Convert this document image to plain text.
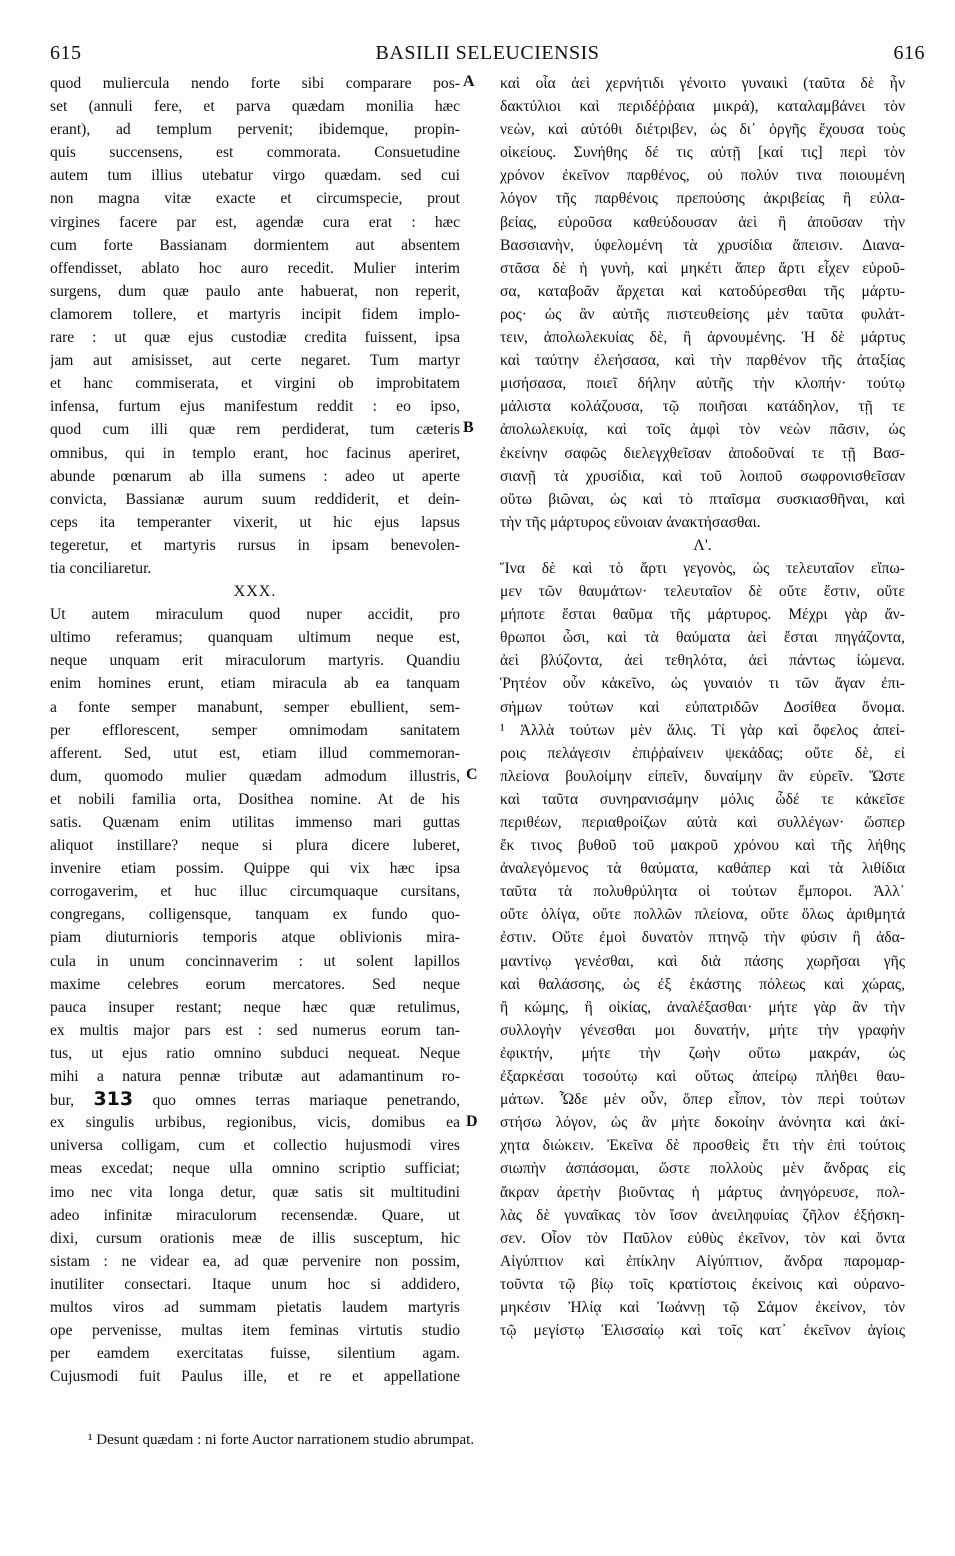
615	BASILII SELEUCIENSIS	616
quod muliercula nendo forte sibi comparare pos-
set (annuli fere, et parva quædam monilia hæc
erant), ad templum pervenit; ibidemque, propin-
quis succensens, est commorata. Consuetudine
autem tum illius utebatur virgo quædam. sed cui
non magna vitæ exacte et circumspecie, prout
virgines facere par est, agendæ cura erat : hæc
cum forte Bassianam dormientem aut absentem
offendisset, ablato hoc auro recedit. Mulier interim
surgens, dum quæ paulo ante habuerat, non reperit,
clamorem tollere, et martyris incipit fidem implo-
rare : ut quæ ejus custodiæ credita fuissent, ipsa
jam aut amisisset, aut certe negaret. Tum martyr
et hanc commiserata, et virgini ob improbitatem
infensa, furtum ejus manifestum reddit : eo ipso,
quod cum illi quæ rem perdiderat, tum cæteris
omnibus, qui in templo erant, hoc facinus aperiret,
abunde pœnarum ab illa sumens : adeo ut aperte
convicta, Bassianæ aurum suum reddiderit, et dein-
ceps ita temperanter vixerit, ut hic ejus lapsus
tegeretur, et martyris rursus in ipsam benevolen-
tia conciliaretur.
XXX.
Ut autem miraculum quod nuper accidit, pro
ultimo referamus; quanquam ultimum neque est,
neque unquam erit miraculorum martyris. Quandiu
enim homines erunt, etiam miracula ab ea tanquam
a fonte semper manabunt, semper ebullient, sem-
per efflorescent, semper omnimodam sanitatem
afferent. Sed, utut est, etiam illud commemoran-
dum, quomodo mulier quædam admodum illustris,
et nobili familia orta, Dosithea nomine. At de his
satis. Quænam enim utilitas immenso mari guttas
aliquot instillare? neque si plura dicere luberet,
invenire etiam possim. Quippe qui vix hæc ipsa
corrogaverim, et huc illuc circumquaque cursitans,
congregans, colligensque, tanquam ex fundo quo-
piam diuturnioris temporis atque oblivionis mira-
cula in unum concinnaverim : ut solent lapillos
maxime celebres eorum mercatores. Sed neque
pauca insuper restant; neque hæc quæ retulimus,
ex multis major pars est : sed numerus eorum tan-
tus, ut ejus ratio omnino subduci nequeat. Neque
mihi a natura pennæ tributæ aut adamantinum ro-
bur, 313 quo omnes terras mariaque penetrando,
ex singulis urbibus, regionibus, vicis, domibus ea
universa colligam, cum et collectio hujusmodi vires
meas excedat; neque ulla omnino scriptio sufficiat;
imo nec vita longa detur, quæ satis sit multitudini
adeo infinitæ miraculorum recensendæ. Quare, ut
dixi, cursum orationis meæ de illis susceptum, hic
sistam : ne videar ea, ad quæ pervenire non possim,
inutiliter consectari. Itaque unum hoc si addidero,
multos viros ad summam pietatis laudem martyris
ope pervenisse, multas item feminas virtutis studio
per eamdem exercitatas fuisse, silentium agam.
Cujusmodi fuit Paulus ille, et re et appellatione
καὶ οἷα ἀεὶ χερνήτιδι γένοιτο γυναικὶ (ταῦτα δὲ ἦν
δακτύλιοι καὶ περιδέῤῥαια μικρά), καταλαμβάνει τὸν
νεὼν, καὶ αὐτόθι διέτριβεν, ὡς δι᾽ ὀργῆς ἔχουσα τοὺς
οἰκείους. Συνήθης δέ τις αὐτῇ [καί τις] περὶ τὸν
χρόνον ἐκεῖνον παρθένος, οὐ πολύν τινα ποιουμένη
λόγον τῆς παρθένοις πρεπούσης ἀκριβείας ἢ εὐλα-
βείας, εὑροῦσα καθεύδουσαν ἀεὶ ἢ ἀποῦσαν τὴν
Βασσιανὴν, ὑφελομένη τὰ χρυσίδια ἄπεισιν. Διανα-
στᾶσα δὲ ἡ γυνὴ, καὶ μηκέτι ἅπερ ἄρτι εἶχεν εὑροῦ-
σα, καταβοᾶν ἄρχεται καὶ κατοδύρεσθαι τῆς μάρτυ-
ρος· ὡς ἂν αὐτῆς πιστευθείσης μὲν ταῦτα φυλάτ-
τειν, ἀπολωλεκυίας δὲ, ἢ ἀρνουμένης. Ἡ δὲ μάρτυς
καὶ ταύτην ἐλεήσασα, καὶ τὴν παρθένον τῆς ἀταξίας
μισήσασα, ποιεῖ δήλην αὐτῆς τὴν κλοπήν· τούτῳ
μάλιστα κολάζουσα, τῷ ποιῆσαι κατάδηλον, τῇ τε
ἀπολωλεκυίᾳ, καὶ τοῖς ἀμφὶ τὸν νεὼν πᾶσιν, ὡς
ἐκείνην σαφῶς διελεγχθεῖσαν ἀποδοῦναί τε τῇ Βασ-
σιανῇ τὰ χρυσίδια, καὶ τοῦ λοιποῦ σωφρονισθεῖσαν
οὕτω βιῶναι, ὡς καὶ τὸ πταῖσμα συσκιασθῆναι, καὶ
τὴν τῆς μάρτυρος εὔνοιαν ἀνακτήσασθαι.
Λ'.
Ἵνα δὲ καὶ τὸ ἄρτι γεγονὸς, ὡς τελευταῖον εἴπω-
μεν τῶν θαυμάτων· τελευταῖον δὲ οὔτε ἔστιν, οὔτε
μήποτε ἔσται θαῦμα τῆς μάρτυρος. Μέχρι γὰρ ἄν-
θρωποι ὦσι, καὶ τὰ θαύματα ἀεὶ ἔσται πηγάζοντα,
ἀεὶ βλύζοντα, ἀεὶ τεθηλότα, ἀεὶ πάντως ἰώμενα.
Ῥητέον οὖν κἀκεῖνο, ὡς γυναιόν τι τῶν ἄγαν ἐπι-
σήμων τούτων καὶ εὐπατριδῶν Δοσίθεα ὄνομα.
¹ Ἀλλὰ τούτων μὲν ἅλις. Τί γὰρ καὶ ὄφελος ἀπεί-
ροις πελάγεσιν ἐπιῤῥαίνειν ψεκάδας; οὔτε δὲ, εἰ
πλείονα βουλοίμην εἰπεῖν, δυναίμην ἂν εὑρεῖν. Ὥστε
καὶ ταῦτα συνηρανισάμην μόλις ὧδέ τε κἀκεῖσε
περιθέων, περιαθροίζων αὐτὰ καὶ συλλέγων· ὥσπερ
ἔκ τινος βυθοῦ τοῦ μακροῦ χρόνου καὶ τῆς λήθης
ἀναλεγόμενος τὰ θαύματα, καθάπερ καὶ τὰ λιθίδια
ταῦτα τὰ πολυθρύλητα οἱ τούτων ἔμποροι. Ἀλλ᾽
οὔτε ὀλίγα, οὔτε πολλῶν πλείονα, οὔτε ὅλως ἀριθμητά
ἐστιν. Οὔτε ἐμοὶ δυνατὸν πτηνῷ τὴν φύσιν ἢ ἀδα-
μαντίνῳ γενέσθαι, καὶ διὰ πάσης χωρῆσαι γῆς
καὶ θαλάσσης, ὡς ἐξ ἑκάστης πόλεως καὶ χώρας,
ἢ κώμης, ἢ οἰκίας, ἀναλέξασθαι· μήτε γὰρ ἂν τὴν
συλλογὴν γένεσθαι μοι δυνατήν, μήτε τὴν γραφὴν
ἐφικτήν, μήτε τὴν ζωὴν οὕτω μακράν, ὡς
ἐξαρκέσαι τοσούτῳ καὶ οὕτως ἀπείρῳ πλήθει θαυ-
μάτων. Ὧδε μὲν οὖν, ὅπερ εἶπον, τὸν περὶ τούτων
στήσω λόγον, ὡς ἂν μήτε δοκοίην ἀνόνητα καὶ ἀκί-
χητα διώκειν. Ἐκεῖνα δὲ προσθεὶς ἔτι τὴν ἐπὶ τούτοις
σιωπὴν ἀσπάσομαι, ὥστε πολλοὺς μὲν ἄνδρας εἰς
ἄκραν ἀρετὴν βιοῦντας ἡ μάρτυς ἀνηγόρευσε, πολ-
λὰς δὲ γυναῖκας τὸν ἴσον ἀνειληφυίας ζῆλον ἐξήσκη-
σεν. Οἷον τὸν Παῦλον εὐθὺς ἐκεῖνον, τὸν καὶ ὄντα
Αἰγύπτιον καὶ ἐπίκλην Αἰγύπτιον, ἄνδρα παρομαρ-
τοῦντα τῷ βίῳ τοῖς κρατίστοις ἐκείνοις καὶ οὐρανο-
μηκέσιν Ἠλίᾳ καὶ Ἰωάννῃ τῷ Σάμον ἐκείνον, τὸν
τῷ μεγίστῳ Ἐλισσαίῳ καὶ τοῖς κατ᾽ ἐκεῖνον ἁγίοις
A
B
C
D
¹ Desunt quædam : ni forte Auctor narrationem studio abrumpat.
